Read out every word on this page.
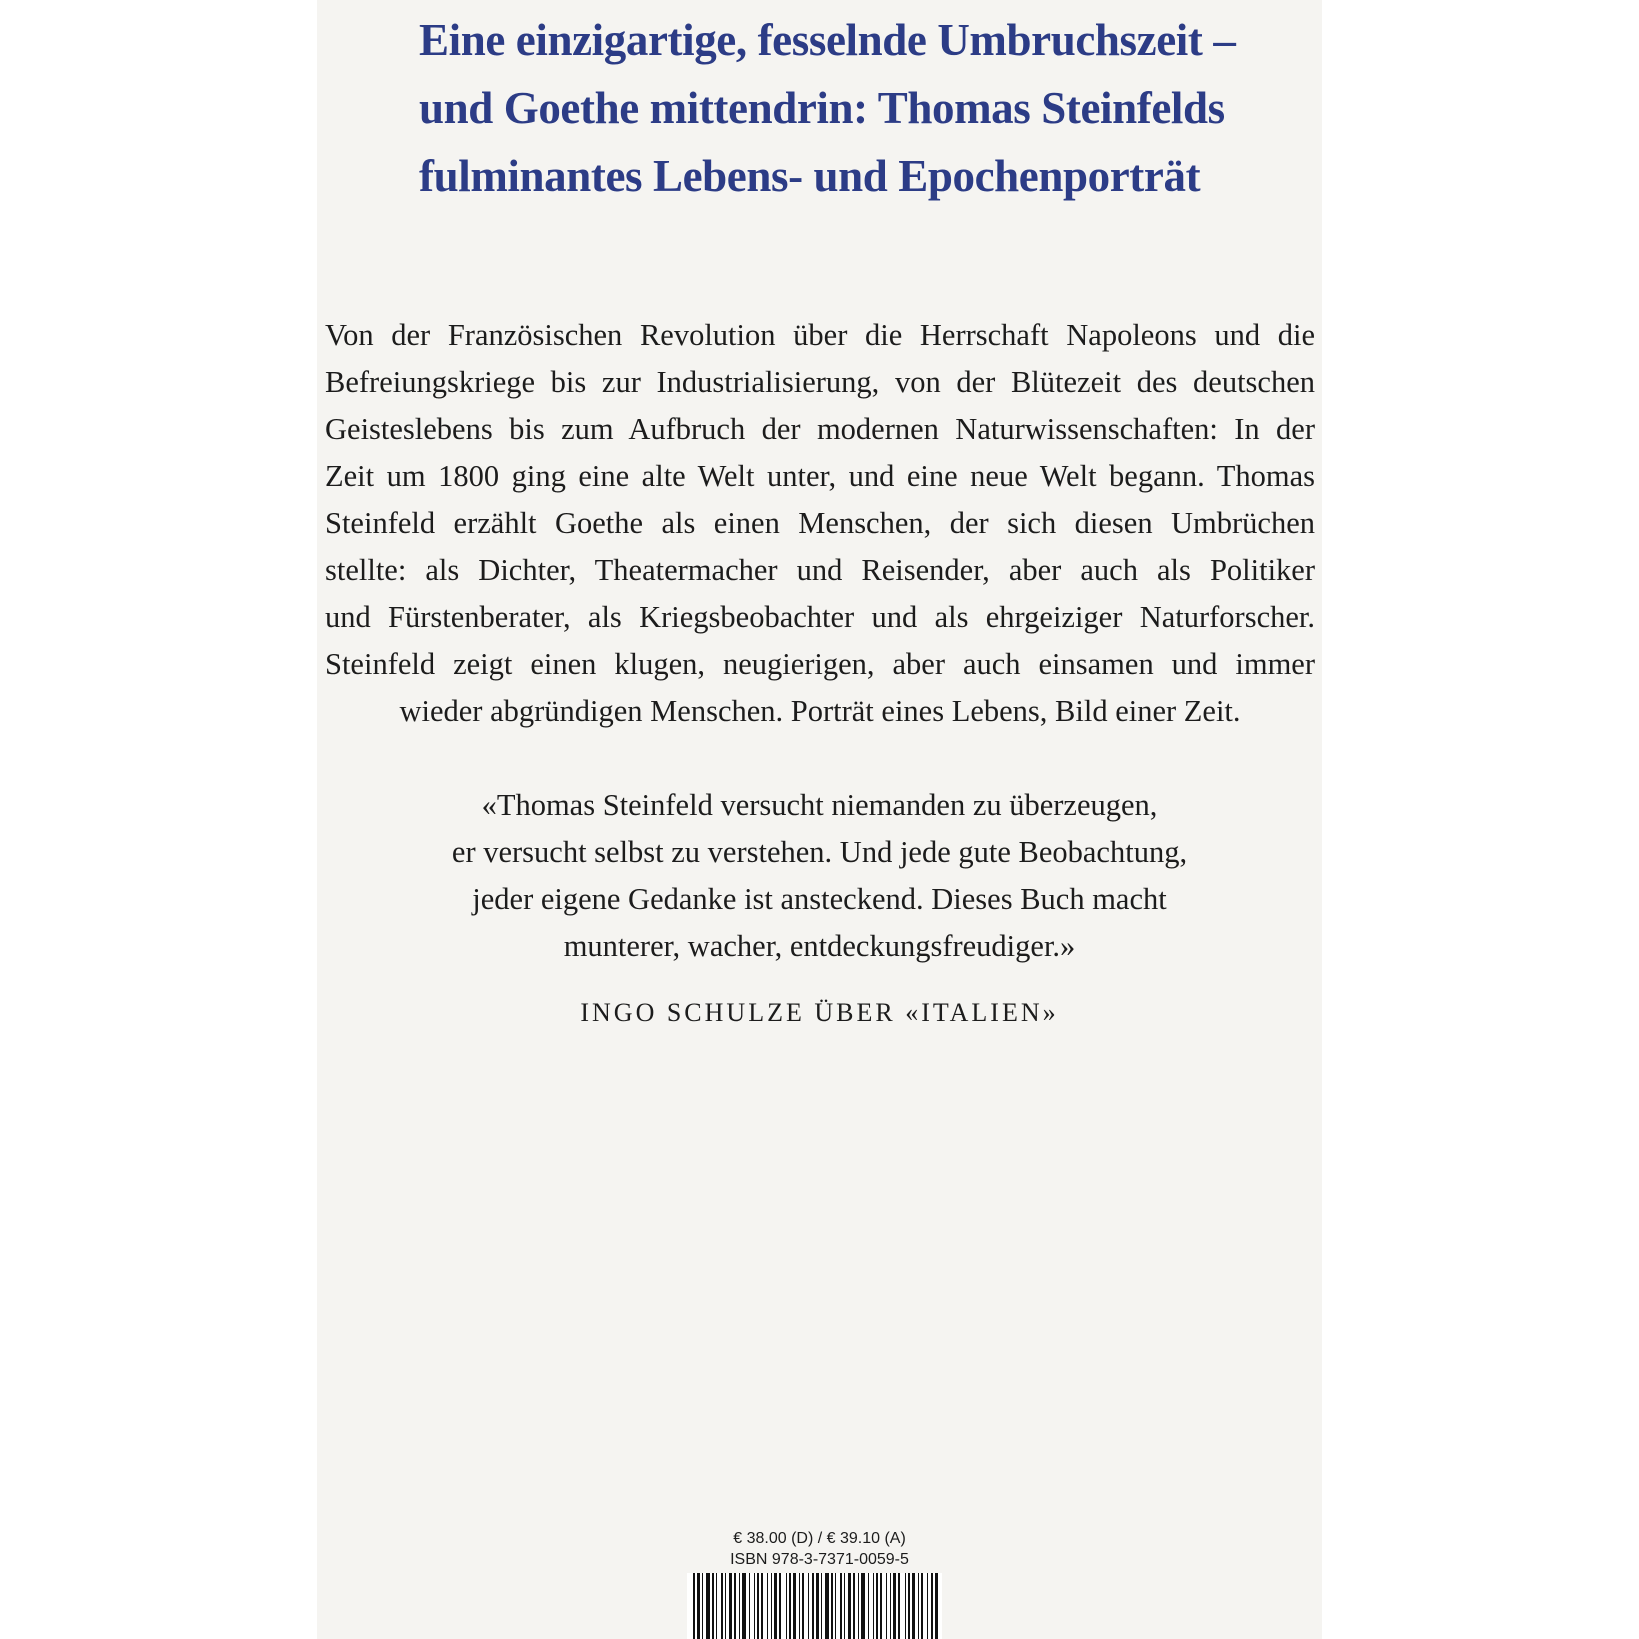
Eine einzigartige, fesselnde Umbruchszeit –
und Goethe mittendrin: Thomas Steinfelds
fulminantes Lebens- und Epochenporträt

Von der Französischen Revolution über die Herrschaft Napoleons und die
Befreiungskriege bis zur Industrialisierung, von der Blütezeit des deutschen
Geisteslebens bis zum Aufbruch der modernen Naturwissenschaften: In der
Zeit um 1800 ging eine alte Welt unter, und eine neue Welt begann. Thomas
Steinfeld erzählt Goethe als einen Menschen, der sich diesen Umbrüchen
stellte: als Dichter, Theatermacher und Reisender, aber auch als Politiker
und Fürstenberater, als Kriegsbeobachter und als ehrgeiziger Naturforscher.
Steinfeld zeigt einen klugen, neugierigen, aber auch einsamen und immer
wieder abgründigen Menschen. Porträt eines Lebens, Bild einer Zeit.

«Thomas Steinfeld versucht niemanden zu überzeugen,
er versucht selbst zu verstehen. Und jede gute Beobachtung,
jeder eigene Gedanke ist ansteckend. Dieses Buch macht
munterer, wacher, entdeckungsfreudiger.»

INGO SCHULZE ÜBER «ITALIEN»
€ 38.00 (D) / € 39.10 (A)
ISBN 978-3-7371-0059-5
